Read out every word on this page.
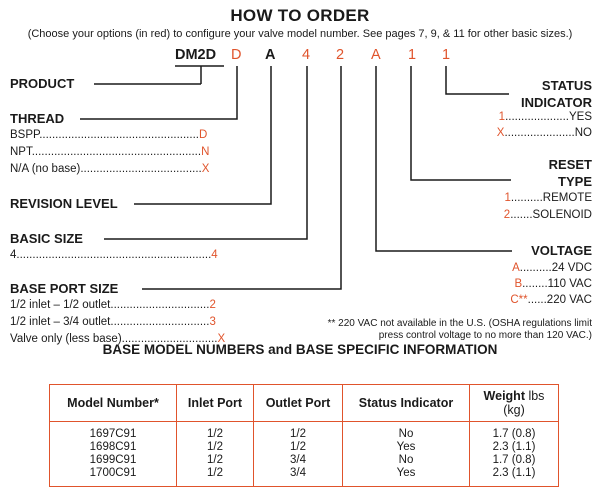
HOW TO ORDER
(Choose your options (in red) to configure your valve model number. See pages 7, 9, & 11 for other basic sizes.)
DM2D D A 4 2 A 1 1
PRODUCT
THREAD
BSPP..................................................D
NPT.....................................................N
N/A (no base)......................................X
REVISION LEVEL
BASIC SIZE
4.............................................................4
BASE PORT SIZE
1/2 inlet – 1/2 outlet...............................2
1/2 inlet – 3/4 outlet...............................3
Valve only (less base)..............................X
STATUS
INDICATOR
1....................YES
X......................NO
RESET
TYPE
1..........REMOTE
2.......SOLENOID
VOLTAGE
A..........24 VDC
B........110 VAC
C**......220 VAC
** 220 VAC not available in the U.S. (OSHA regulations limit
press control voltage to no more than 120 VAC.)
BASE MODEL NUMBERS and BASE SPECIFIC INFORMATION
Model Number*	Inlet Port	Outlet Port	Status Indicator	Weight lbs (kg)
1697C91	1/2	1/2	No	1.7 (0.8)
1698C91	1/2	1/2	Yes	2.3 (1.1)
1699C91	1/2	3/4	No	1.7 (0.8)
1700C91	1/2	3/4	Yes	2.3 (1.1)
